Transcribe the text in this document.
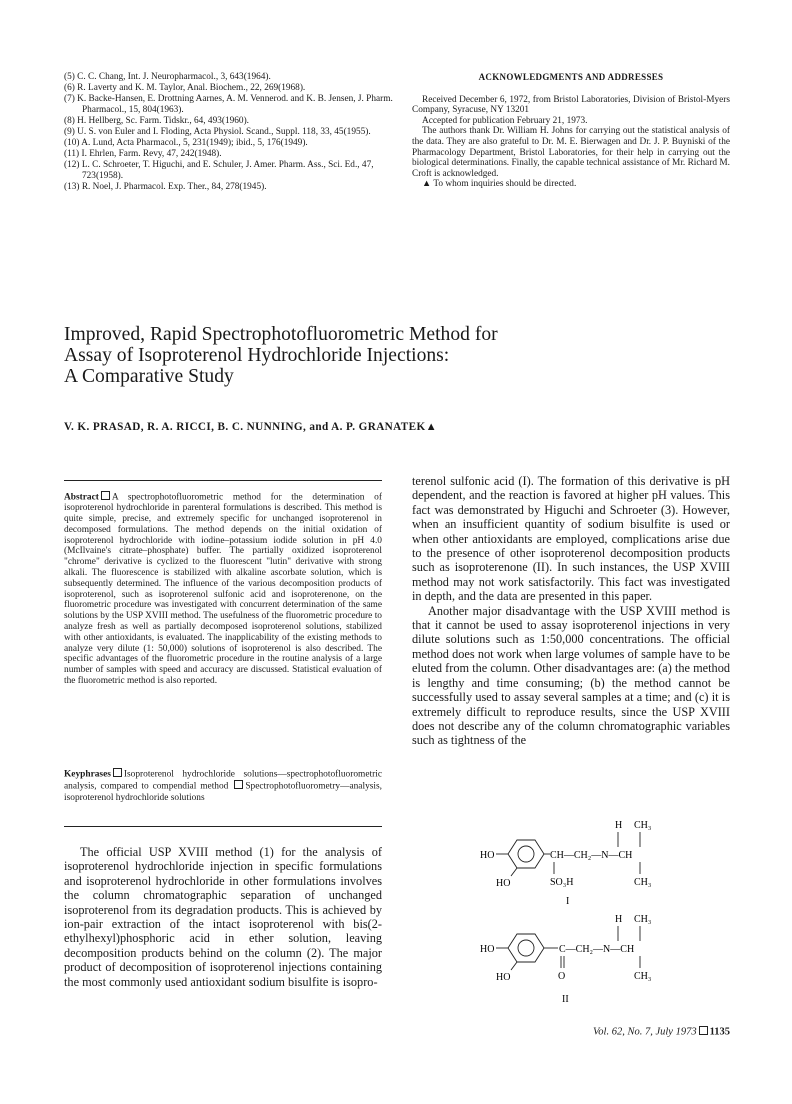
(5) C. C. Chang, Int. J. Neuropharmacol., 3, 643(1964).
(6) R. Laverty and K. M. Taylor, Anal. Biochem., 22, 269(1968).
(7) K. Backe-Hansen, E. Drottning Aarnes, A. M. Vennerod. and K. B. Jensen, J. Pharm. Pharmacol., 15, 804(1963).
(8) H. Hellberg, Sc. Farm. Tidskr., 64, 493(1960).
(9) U. S. von Euler and I. Floding, Acta Physiol. Scand., Suppl. 118, 33, 45(1955).
(10) A. Lund, Acta Pharmacol., 5, 231(1949); ibid., 5, 176(1949).
(11) I. Ehrlen, Farm. Revy, 47, 242(1948).
(12) L. C. Schroeter, T. Higuchi, and E. Schuler, J. Amer. Pharm. Ass., Sci. Ed., 47, 723(1958).
(13) R. Noel, J. Pharmacol. Exp. Ther., 84, 278(1945).
ACKNOWLEDGMENTS AND ADDRESSES

Received December 6, 1972, from Bristol Laboratories, Division of Bristol-Myers Company, Syracuse, NY 13201

Accepted for publication February 21, 1973.

The authors thank Dr. William H. Johns for carrying out the statistical analysis of the data. They are also grateful to Dr. M. E. Bierwagen and Dr. J. P. Buyniski of the Pharmacology Department, Bristol Laboratories, for their help in carrying out the biological determinations. Finally, the capable technical assistance of Mr. Richard M. Croft is acknowledged.

▲ To whom inquiries should be directed.

Improved, Rapid Spectrophotofluorometric Method for
Assay of Isoproterenol Hydrochloride Injections:
A Comparative Study
V. K. PRASAD, R. A. RICCI, B. C. NUNNING, and A. P. GRANATEK▲
Abstract A spectrophotofluorometric method for the determination of isoproterenol hydrochloride in parenteral formulations is described. This method is quite simple, precise, and extremely specific for unchanged isoproterenol in decomposed formulations. The method depends on the initial oxidation of isoproterenol hydrochloride with iodine–potassium iodide solution in pH 4.0 (McIlvaine's citrate–phosphate) buffer. The partially oxidized isoproterenol "chrome" derivative is cyclized to the fluorescent "lutin" derivative with strong alkali. The fluorescence is stabilized with alkaline ascorbate solution, which is subsequently determined. The influence of the various decomposition products of isoproterenol, such as isoproterenol sulfonic acid and isoproterenone, on the fluorometric procedure was investigated with concurrent determination of the same solutions by the USP XVIII method. The usefulness of the fluorometric procedure to analyze fresh as well as partially decomposed isoproterenol solutions, stabilized with other antioxidants, is evaluated. The inapplicability of the existing methods to analyze very dilute (1: 50,000) solutions of isoproterenol is also described. The specific advantages of the fluorometric procedure in the routine analysis of a large number of samples with speed and accuracy are discussed. Statistical evaluation of the fluorometric method is also reported.
Keyphrases Isoproterenol hydrochloride solutions—spectrophotofluorometric analysis, compared to compendial method Spectrophotofluorometry—analysis, isoproterenol hydrochloride solutions

The official USP XVIII method (1) for the analysis of isoproterenol hydrochloride injection in specific formulations and isoproterenol hydrochloride in other formulations involves the column chromatographic separation of unchanged isoproterenol from its degradation products. This is achieved by ion-pair extraction of the intact isoproterenol with bis(2-ethylhexyl)phosphoric acid in ether solution, leaving decomposition products behind on the column (2). The major product of decomposition of isoproterenol injections containing the most commonly used antioxidant sodium bisulfite is isopro-

terenol sulfonic acid (I). The formation of this derivative is pH dependent, and the reaction is favored at higher pH values. This fact was demonstrated by Higuchi and Schroeter (3). However, when an insufficient quantity of sodium bisulfite is used or when other antioxidants are employed, complications arise due to the presence of other isoproterenol decomposition products such as isoproterenone (II). In such instances, the USP XVIII method may not work satisfactorily. This fact was investigated in depth, and the data are presented in this paper.

Another major disadvantage with the USP XVIII method is that it cannot be used to assay isoproterenol injections in very dilute solutions such as 1:50,000 concentrations. The official method does not work when large volumes of sample have to be eluted from the column. Other disadvantages are: (a) the method is lengthy and time consuming; (b) the method cannot be successfully used to assay several samples at a time; and (c) it is extremely difficult to reproduce results, since the USP XVIII does not describe any of the column chromatographic variables such as tightness of the

HO
HO
CH—CH₂—N—CH
H CH₃
SO₃H	CH₃
I
HO
HO
C—CH₂—N—CH
H CH₃
O	CH₃
II
Vol. 62, No. 7, July 1973 1135
